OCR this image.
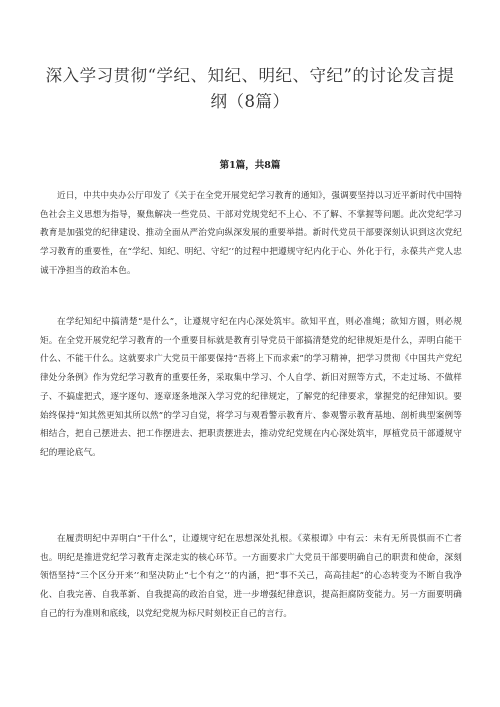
深入学习贯彻“学纪、知纪、明纪、守纪”的讨论发言提纲（8篇）
第1篇，共8篇

近日，中共中央办公厅印发了《关于在全党开展党纪学习教育的通知》，强调要坚持以习近平新时代中国特色社会主义思想为指导，聚焦解决一些党员、干部对党规党纪不上心、不了解、不掌握等问题。此次党纪学习教育是加强党的纪律建设、推动全面从严治党向纵深发展的重要举措。新时代党员干部要深刻认识到这次党纪学习教育的重要性，在“学纪、知纪、明纪、守纪’’的过程中把遵规守纪内化于心、外化于行，永葆共产党人忠诚干净担当的政治本色。

在学纪知纪中搞清楚“是什么”，让遵规守纪在内心深处筑牢。欲知平直，则必准绳；欲知方圆，则必规矩。在全党开展党纪学习教育的一个重要目标就是教育引导党员干部搞清楚党的纪律规矩是什么，弄明白能干什么、不能干什么。这就要求广大党员干部要保持“吾将上下而求索”的学习精神，把学习贯彻《中国共产党纪律处分条例》作为党纪学习教育的重要任务，采取集中学习、个人自学、新旧对照等方式，不走过场、不做样子、不搞虚把式，逐字逐句、逐章逐条地深入学习党的纪律规定，了解党的纪律要求，掌握党的纪律知识。要始终保持“知其然更知其所以然”的学习自觉，将学习与观看警示教育片、参观警示教育基地、剖析典型案例等相结合，把自己摆进去、把工作摆进去、把职责摆进去，推动党纪党规在内心深处筑牢，厚植党员干部遵规守纪的理论底气。

在履责明纪中弄明白“干什么”，让遵规守纪在思想深处扎根。《菜根谭》中有云：未有无所畏惧而不亡者也。明纪是推进党纪学习教育走深走实的核心环节。一方面要求广大党员干部要明确自己的职责和使命，深刻领悟坚持“三个区分开来’’和坚决防止“七个有之’’的内涵，把“事不关己，高高挂起”的心态转变为不断自我净化、自我完善、自我革新、自我提高的政治自觉，进一步增强纪律意识，提高拒腐防变能力。另一方面要明确自己的行为准则和底线，以党纪党规为标尺时刻校正自己的言行。
